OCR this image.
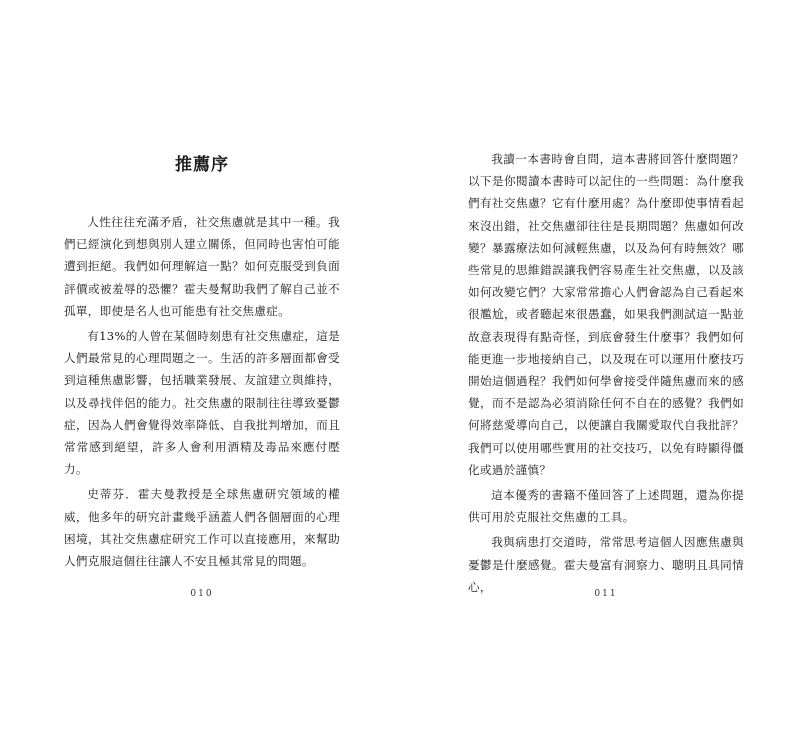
推薦序

人性往往充滿矛盾，社交焦慮就是其中一種。我們已經演化到想與別人建立關係，但同時也害怕可能遭到拒絕。我們如何理解這一點？如何克服受到負面評價或被羞辱的恐懼？霍夫曼幫助我們了解自己並不孤單，即使是名人也可能患有社交焦慮症。

有13%的人曾在某個時刻患有社交焦慮症，這是人們最常見的心理問題之一。生活的許多層面都會受到這種焦慮影響，包括職業發展、友誼建立與維持，以及尋找伴侶的能力。社交焦慮的限制往往導致憂鬱症，因為人們會覺得效率降低、自我批判增加，而且常常感到絕望，許多人會利用酒精及毒品來應付壓力。

史蒂芬．霍夫曼教授是全球焦慮研究領域的權威，他多年的研究計畫幾乎涵蓋人們各個層面的心理困境，其社交焦慮症研究工作可以直接應用，來幫助人們克服這個往往讓人不安且極其常見的問題。

010

我讀一本書時會自問，這本書將回答什麼問題？以下是你閱讀本書時可以記住的一些問題：為什麼我們有社交焦慮？它有什麼用處？為什麼即使事情看起來沒出錯，社交焦慮卻往往是長期問題？焦慮如何改變？暴露療法如何減輕焦慮，以及為何有時無效？哪些常見的思維錯誤讓我們容易產生社交焦慮，以及該如何改變它們？大家常常擔心人們會認為自己看起來很尷尬，或者聽起來很愚蠢，如果我們測試這一點並故意表現得有點奇怪，到底會發生什麼事？我們如何能更進一步地接納自己，以及現在可以運用什麼技巧開始這個過程？我們如何學會接受伴隨焦慮而來的感覺，而不是認為必須消除任何不自在的感覺？我們如何將慈愛導向自己，以便讓自我關愛取代自我批評？我們可以使用哪些實用的社交技巧，以免有時顯得僵化或過於謹慎？

這本優秀的書籍不僅回答了上述問題，還為你提供可用於克服社交焦慮的工具。

我與病患打交道時，常常思考這個人因應焦慮與憂鬱是什麼感覺。霍夫曼富有洞察力、聰明且具同情心，

011
